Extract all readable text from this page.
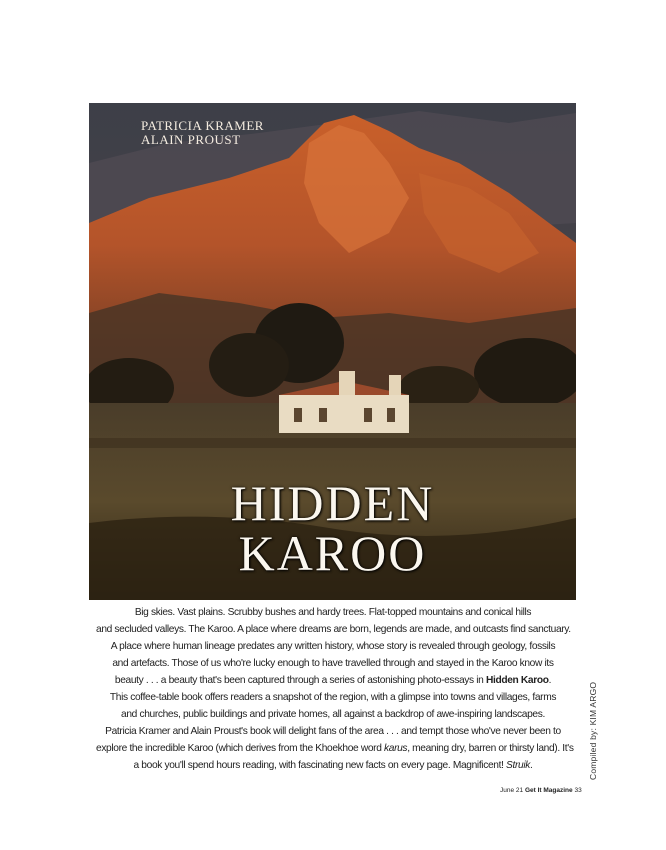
PATRICIA KRAMER
ALAIN PROUST
HIDDEN
KAROO
Big skies. Vast plains. Scrubby bushes and hardy trees. Flat-topped mountains and conical hills
and secluded valleys. The Karoo. A place where dreams are born, legends are made, and outcasts find sanctuary.
A place where human lineage predates any written history, whose story is revealed through geology, fossils
and artefacts. Those of us who're lucky enough to have travelled through and stayed in the Karoo know its
beauty . . . a beauty that's been captured through a series of astonishing photo-essays in Hidden Karoo.
This coffee-table book offers readers a snapshot of the region, with a glimpse into towns and villages, farms
and churches, public buildings and private homes, all against a backdrop of awe-inspiring landscapes.
Patricia Kramer and Alain Proust's book will delight fans of the area . . . and tempt those who've never been to
explore the incredible Karoo (which derives from the Khoekhoe word karus, meaning dry, barren or thirsty land). It's
a book you'll spend hours reading, with fascinating new facts on every page. Magnificent! Struik.	Compiled by: KIM ARGO
June 21 Get It Magazine 33
